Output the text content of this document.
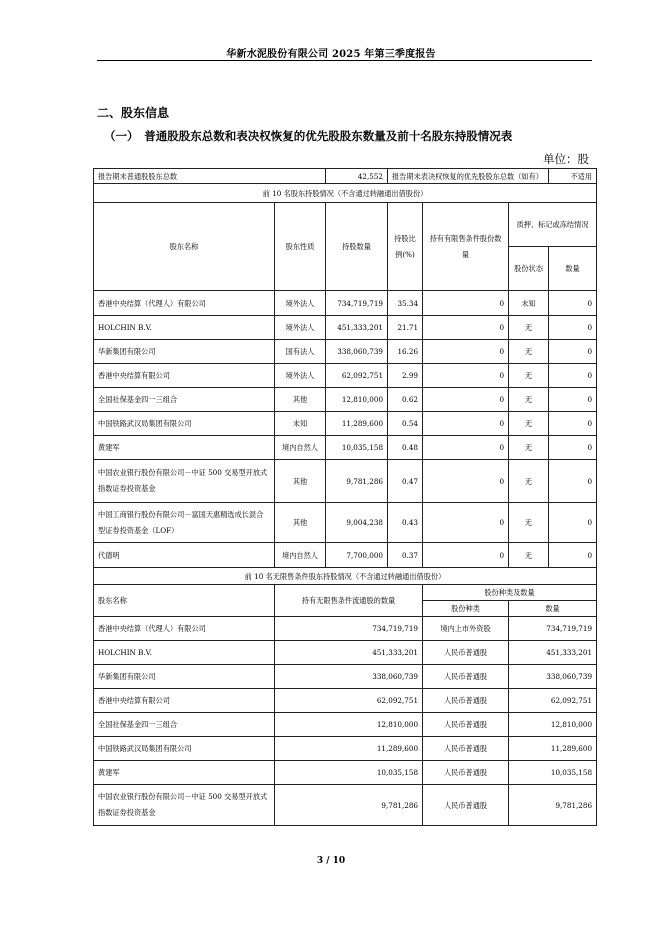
华新水泥股份有限公司 2025 年第三季度报告
二、股东信息
（一）　普通股股东总数和表决权恢复的优先股股东数量及前十名股东持股情况表
单位：股
报告期末普通股股东总数		42,552	报告期末表决权恢复的优先股股东总数（如有）			不适用
前 10 名股东持股情况（不含通过转融通出借股份）						
股东名称	股东性质	持股数量	持股比例(%)	持有有限售条件股份数量	质押、标记或冻结情况	
					股份状态	数量
香港中央结算（代理人）有限公司	境外法人	734,719,719	35.34	0	未知	0
HOLCHIN B.V.	境外法人	451,333,201	21.71	0	无	0
华新集团有限公司	国有法人	338,060,739	16.26	0	无	0
香港中央结算有限公司	境外法人	62,092,751	2.99	0	无	0
全国社保基金四一三组合	其他	12,810,000	0.62	0	无	0
中国铁路武汉局集团有限公司	未知	11,289,600	0.54	0	无	0
黄建军	境内自然人	10,035,158	0.48	0	无	0
中国农业银行股份有限公司－中证 500 交易型开放式指数证券投资基金	其他	9,781,286	0.47	0	无	0
中国工商银行股份有限公司－富国天惠精选成长混合型证券投资基金（LOF）	其他	9,004,238	0.43	0	无	0
代德明	境内自然人	7,700,000	0.37	0	无	0
前 10 名无限售条件股东持股情况（不含通过转融通出借股份）						
股东名称	持有无限售条件流通股的数量			股份种类及数量		
				股份种类	数量	
香港中央结算（代理人）有限公司	734,719,719			境内上市外资股	734,719,719	
HOLCHIN B.V.	451,333,201			人民币普通股	451,333,201	
华新集团有限公司	338,060,739			人民币普通股	338,060,739	
香港中央结算有限公司	62,092,751			人民币普通股	62,092,751	
全国社保基金四一三组合	12,810,000			人民币普通股	12,810,000	
中国铁路武汉局集团有限公司	11,289,600			人民币普通股	11,289,600	
黄建军	10,035,158			人民币普通股	10,035,158	
中国农业银行股份有限公司－中证 500 交易型开放式指数证券投资基金	9,781,286			人民币普通股	9,781,286	
3 / 10
